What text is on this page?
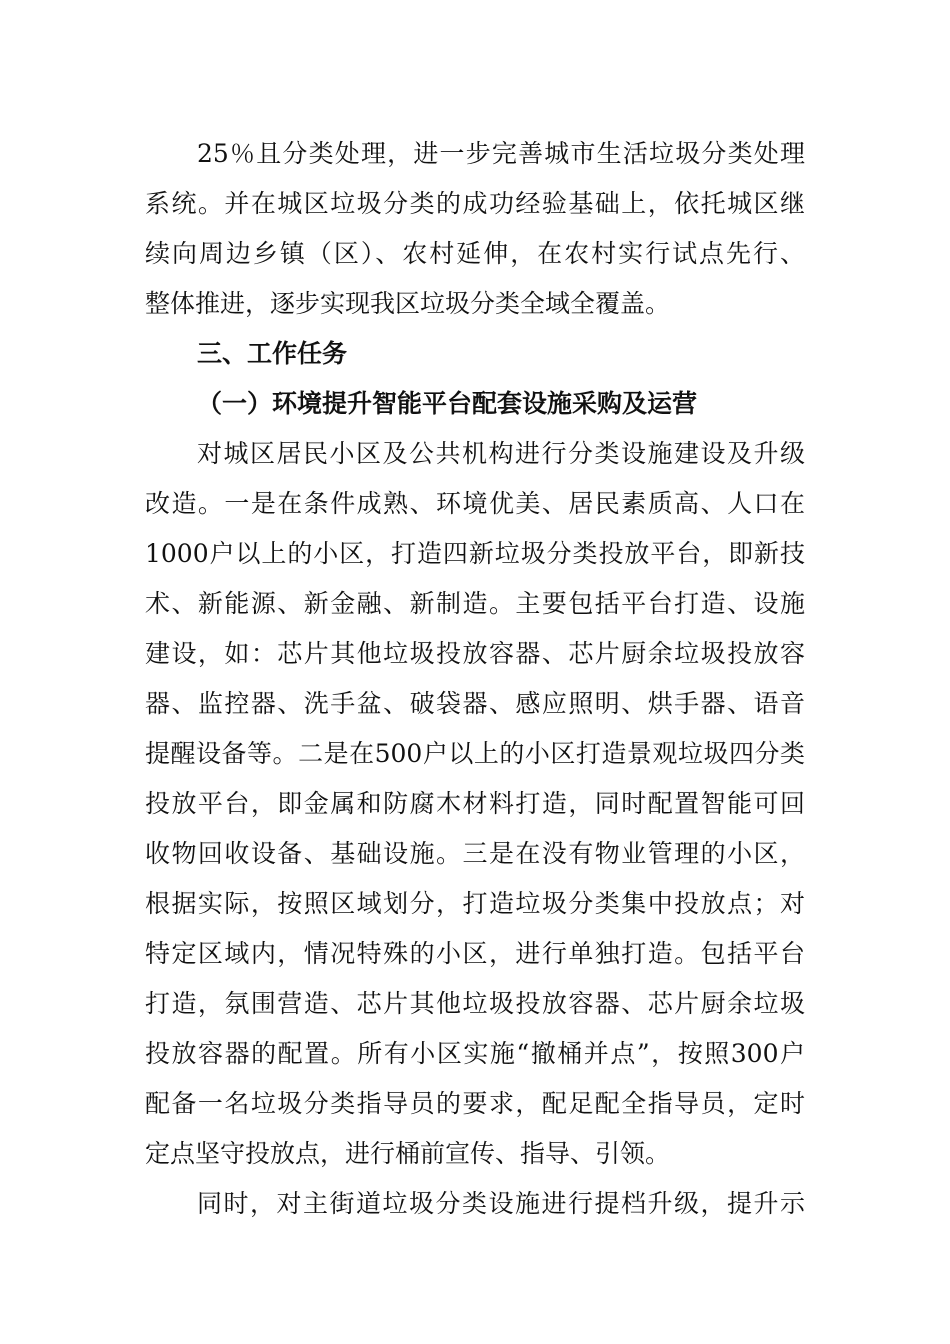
25％且分类处理，进一步完善城市生活垃圾分类处理
系统。并在城区垃圾分类的成功经验基础上，依托城区继
续向周边乡镇（区）、农村延伸，在农村实行试点先行、
整体推进，逐步实现我区垃圾分类全域全覆盖。
三、工作任务
（一）环境提升智能平台配套设施采购及运营
对城区居民小区及公共机构进行分类设施建设及升级
改造。一是在条件成熟、环境优美、居民素质高、人口在
1000户以上的小区，打造四新垃圾分类投放平台，即新技
术、新能源、新金融、新制造。主要包括平台打造、设施
建设，如：芯片其他垃圾投放容器、芯片厨余垃圾投放容
器、监控器、洗手盆、破袋器、感应照明、烘手器、语音
提醒设备等。二是在500户以上的小区打造景观垃圾四分类
投放平台，即金属和防腐木材料打造，同时配置智能可回
收物回收设备、基础设施。三是在没有物业管理的小区，
根据实际，按照区域划分，打造垃圾分类集中投放点；对
特定区域内，情况特殊的小区，进行单独打造。包括平台
打造，氛围营造、芯片其他垃圾投放容器、芯片厨余垃圾
投放容器的配置。所有小区实施“撤桶并点”，按照300户
配备一名垃圾分类指导员的要求，配足配全指导员，定时
定点坚守投放点，进行桶前宣传、指导、引领。
同时，对主街道垃圾分类设施进行提档升级，提升示
